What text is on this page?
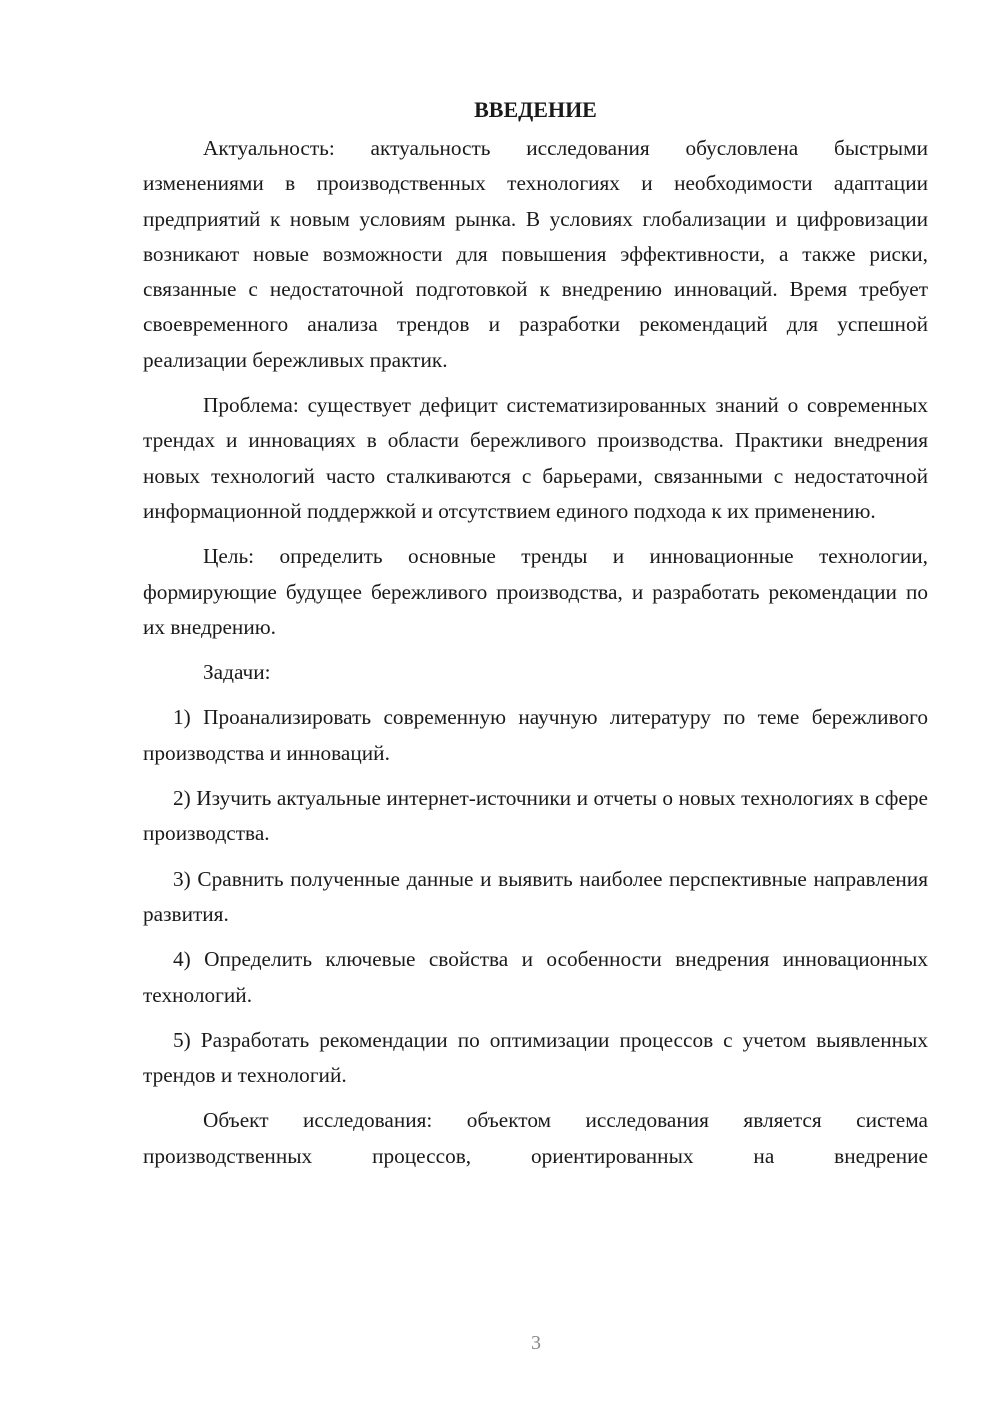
ВВЕДЕНИЕ

Актуальность: актуальность исследования обусловлена быстрыми изменениями в производственных технологиях и необходимости адаптации предприятий к новым условиям рынка. В условиях глобализации и цифровизации возникают новые возможности для повышения эффективности, а также риски, связанные с недостаточной подготовкой к внедрению инноваций. Время требует своевременного анализа трендов и разработки рекомендаций для успешной реализации бережливых практик.

Проблема: существует дефицит систематизированных знаний о современных трендах и инновациях в области бережливого производства. Практики внедрения новых технологий часто сталкиваются с барьерами, связанными с недостаточной информационной поддержкой и отсутствием единого подхода к их применению.

Цель: определить основные тренды и инновационные технологии, формирующие будущее бережливого производства, и разработать рекомендации по их внедрению.

Задачи:

1) Проанализировать современную научную литературу по теме бережливого производства и инноваций.

2) Изучить актуальные интернет-источники и отчеты о новых технологиях в сфере производства.

3) Сравнить полученные данные и выявить наиболее перспективные направления развития.

4) Определить ключевые свойства и особенности внедрения инновационных технологий.

5) Разработать рекомендации по оптимизации процессов с учетом выявленных трендов и технологий.

Объект исследования: объектом исследования является система производственных процессов, ориентированных на внедрение

3
